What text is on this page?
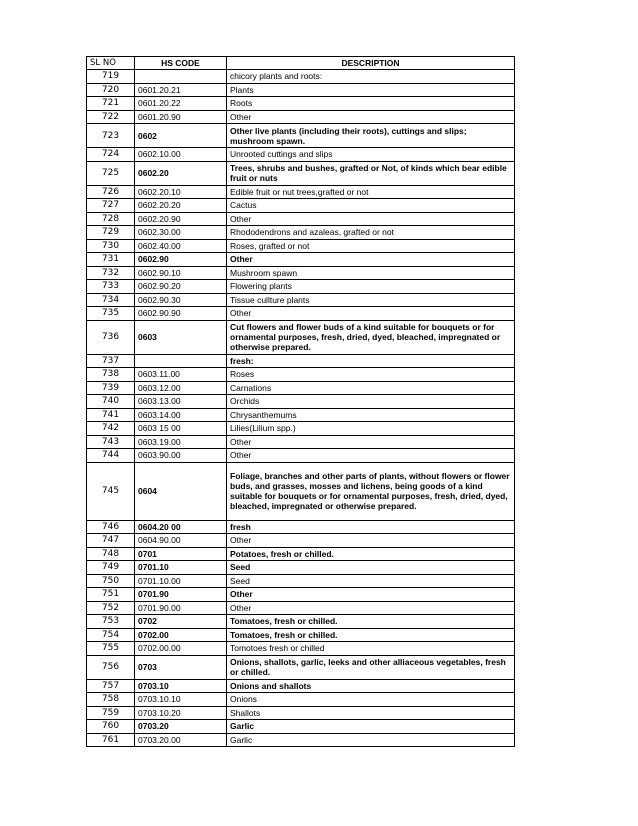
SL NO	HS CODE	DESCRIPTION
719		chicory plants and roots:
720	0601.20.21	Plants
721	0601.20.22	Roots
722	0601.20.90	Other
723	0602	Other live plants (including their roots), cuttings and slips; mushroom spawn.
724	0602.10.00	Unrooted cuttings and slips
725	0602.20	Trees, shrubs and bushes, grafted or Not, of kinds which bear edible fruit or nuts
726	0602.20.10	Edible fruit or nut trees,grafted or not
727	0602.20.20	Cactus
728	0602.20.90	Other
729	0602.30.00	Rhododendrons and azaleas, grafted or not
730	0602.40.00	Roses, grafted or not
731	0602.90	Other
732	0602.90.10	Mushroom spawn
733	0602.90.20	Flowering plants
734	0602.90.30	Tissue cullture plants
735	0602.90.90	Other
736	0603	Cut flowers and flower buds of a kind suitable for bouquets or for ornamental purposes, fresh, dried, dyed, bleached, impregnated or otherwise prepared.
737		fresh:
738	0603.11.00	Roses
739	0603.12.00	Carnations
740	0603.13.00	Orchids
741	0603.14.00	Chrysanthemums
742	0603 15 00	Lilies(Lilium spp.)
743	0603.19.00	Other
744	0603.90.00	Other
745	0604	Foliage, branches and other parts of plants, without flowers or flower buds, and grasses, mosses and lichens, being goods of a kind suitable for bouquets or for ornamental purposes, fresh, dried, dyed, bleached, impregnated or otherwise prepared.
746	0604.20 00	fresh
747	0604.90.00	Other
748	0701	Potatoes, fresh or chilled.
749	0701.10	Seed
750	0701.10.00	Seed
751	0701.90	Other
752	0701.90.00	Other
753	0702	Tomatoes, fresh or chilled.
754	0702.00	Tomatoes, fresh or chilled.
755	0702.00.00	Tomotoes fresh or chilled
756	0703	Onions, shallots, garlic, leeks and other alliaceous vegetables, fresh or chilled.
757	0703.10	Onions and shallots
758	0703.10.10	Onions
759	0703.10.20	Shallots
760	0703.20	Garlic
761	0703.20.00	Garlic
